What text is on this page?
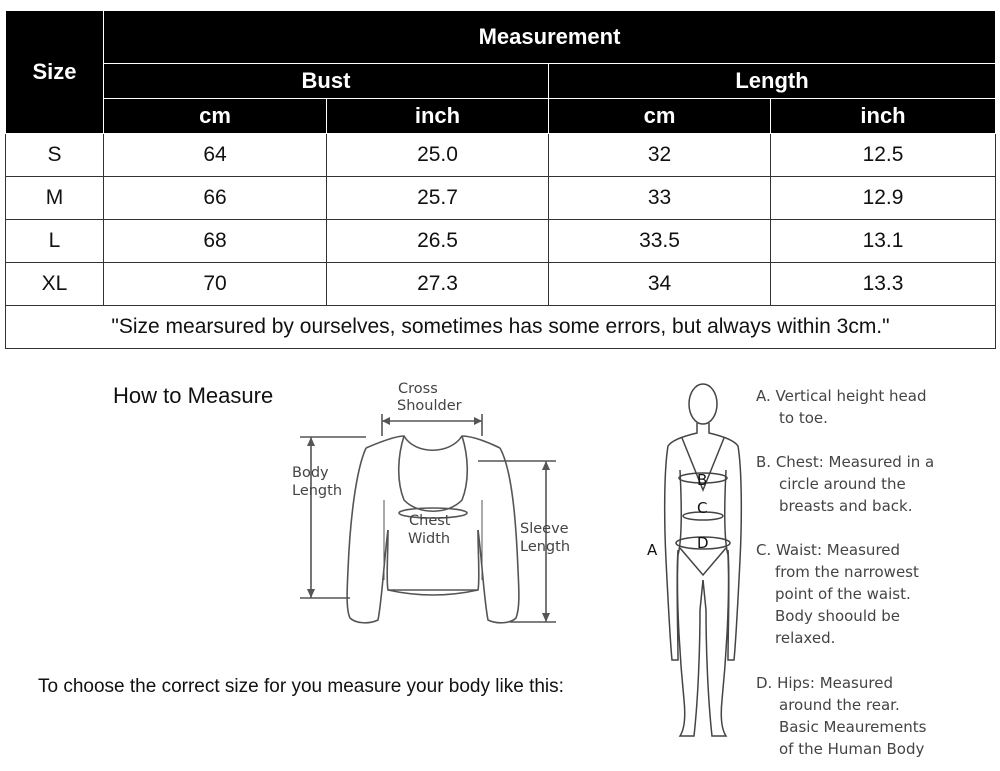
Size	Measurement			
	Bust		Length	
	cm	inch	cm	inch
S	64	25.0	32	12.5
M	66	25.7	33	12.9
L	68	26.5	33.5	13.1
XL	70	27.3	34	13.3
"Size mearsured by ourselves, sometimes has some errors, but always within 3cm."				
How to Measure
To choose the correct size for you measure your body like this:
Cross
Shoulder
Body
Length
Chest
Width
Sleeve
Length
B
C
D
A
A. Vertical height head
to toe.
B. Chest: Measured in a
circle around the
breasts and back.
C. Waist: Measured
from the narrowest
point of the waist.
Body shoould be
relaxed.
D. Hips: Measured
around the rear.
Basic Meaurements
of the Human Body
